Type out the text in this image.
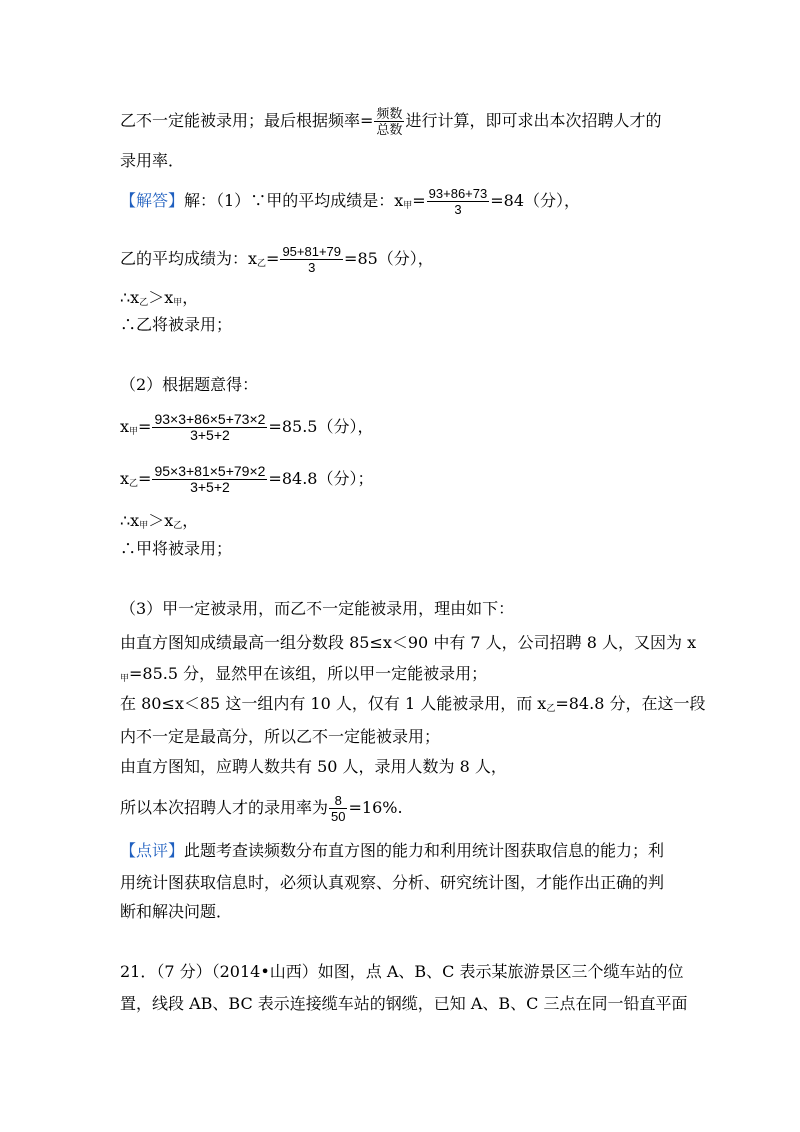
乙不一定能被录用；最后根据频率= $\frac{\text{频数}}{\text{总数}}$ 进行计算，即可求出本次招聘人才的
录用率．
【解答】解：（1）∵甲的平均成绩是：$x_甲= \frac{93+86+73}{3} =84$（分），
乙的平均成绩为：$x_乙= \frac{95+81+79}{3} =85$（分），
$\therefore x_乙>x_甲$，
∴乙将被录用；
（2）根据题意得：
$x_甲= \frac{93\times 3+86\times 5+73\times 2}{3+5+2} =85.5$（分），
$x_乙= \frac{95\times 3+81\times 5+79\times 2}{3+5+2} =84.8$（分）；
$\therefore x_甲>x_乙$，
∴甲将被录用；
（3）甲一定被录用，而乙不一定能被录用，理由如下：
由直方图知成绩最高一组分数段 85≤x＜90 中有 7 人，公司招聘 8 人，又因为 x
$_甲$=85.5 分，显然甲在该组，所以甲一定能被录用；
在 80≤x＜85 这一组内有 10 人，仅有 1 人能被录用，而 $x_乙=84.8$ 分，在这一段
内不一定是最高分，所以乙不一定能被录用；
由直方图知，应聘人数共有 50 人，录用人数为 8 人，
所以本次招聘人才的录用率为 $\frac{8}{50} =16\%$.
【点评】此题考查读频数分布直方图的能力和利用统计图获取信息的能力；利
用统计图获取信息时，必须认真观察、分析、研究统计图，才能作出正确的判
断和解决问题．
21．（7 分）（2014•山西）如图，点 A、B、C 表示某旅游景区三个缆车站的位
置，线段 AB、BC 表示连接缆车站的钢缆，已知 A、B、C 三点在同一铅直平面
